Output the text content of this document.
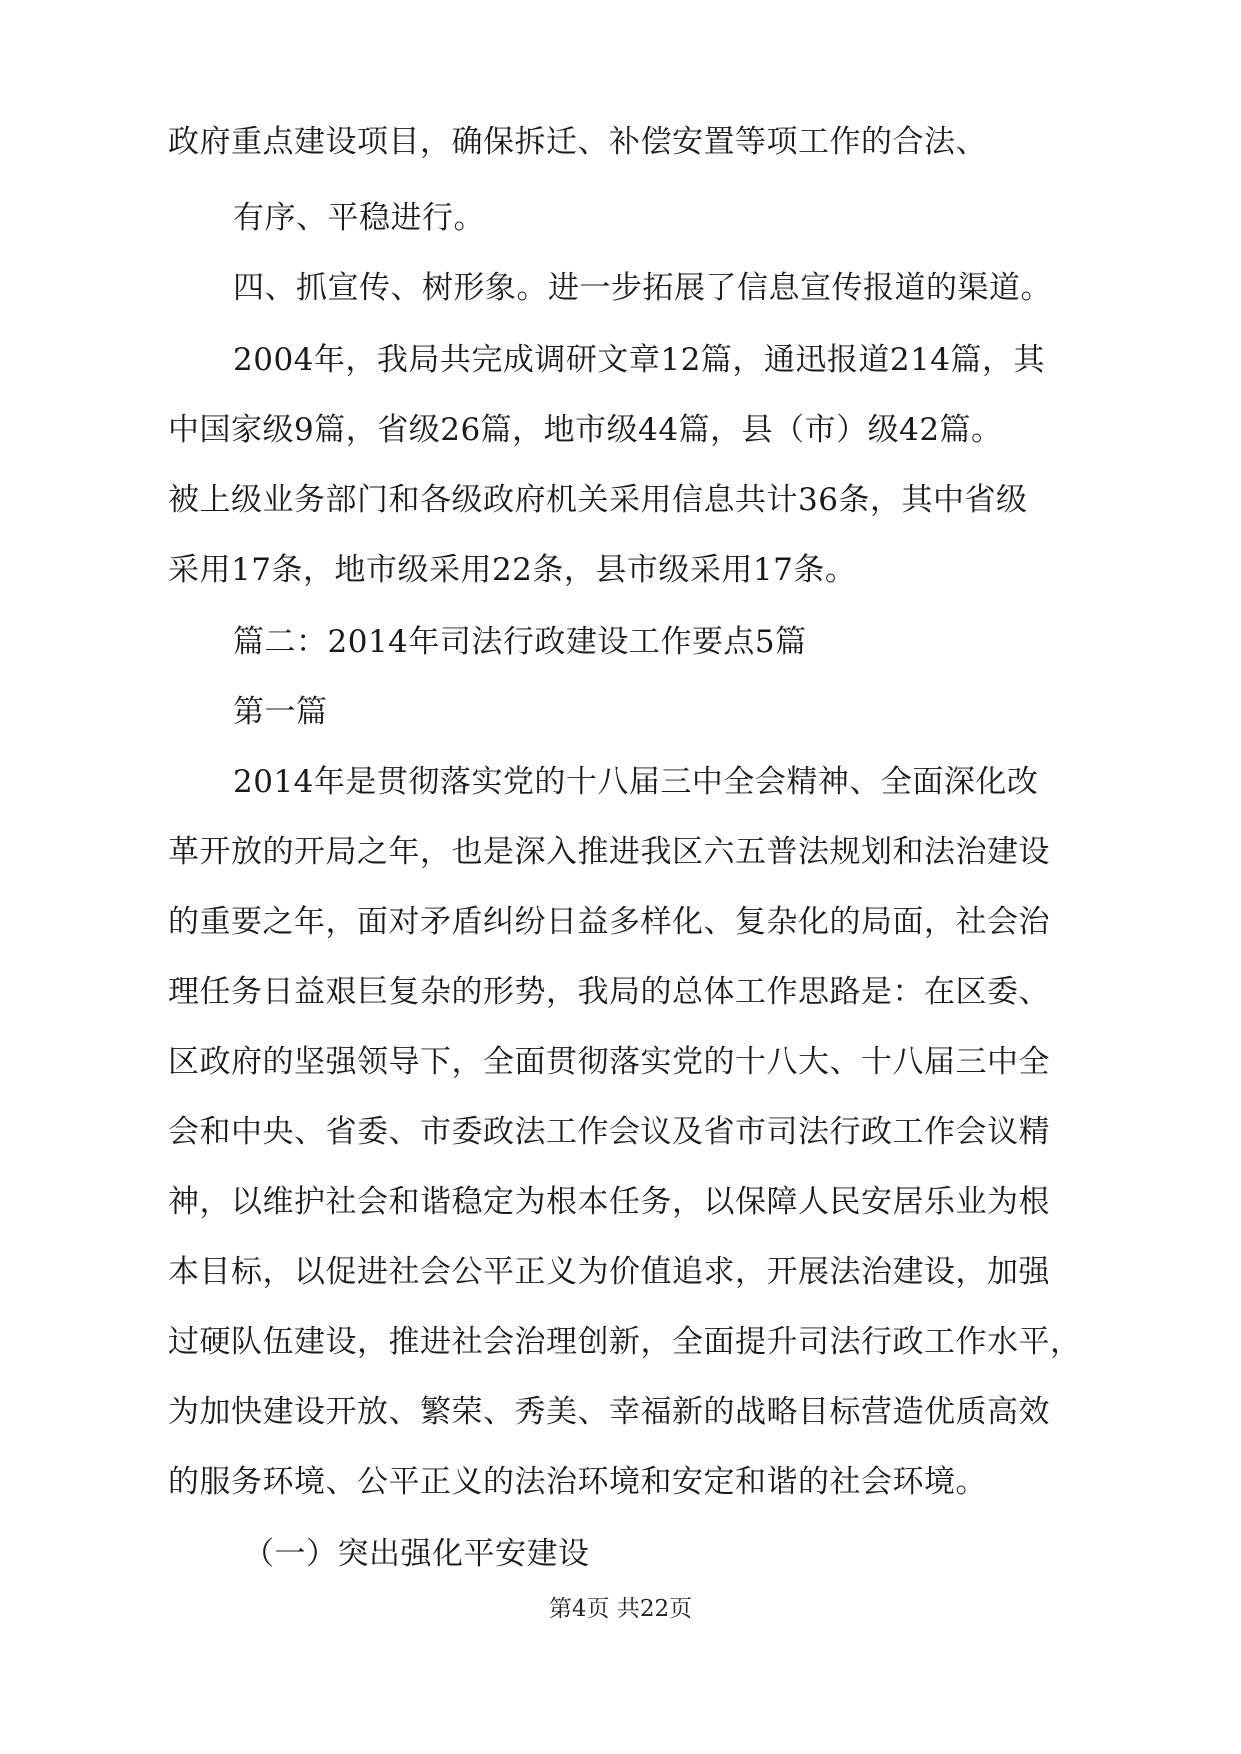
政府重点建设项目，确保拆迁、补偿安置等项工作的合法、
有序、平稳进行。
四、抓宣传、树形象。进一步拓展了信息宣传报道的渠道。
2004年，我局共完成调研文章12篇，通迅报道214篇，其
中国家级9篇，省级26篇，地市级44篇，县（市）级42篇。
被上级业务部门和各级政府机关采用信息共计36条，其中省级
采用17条，地市级采用22条，县市级采用17条。
篇二：2014年司法行政建设工作要点5篇
第一篇
2014年是贯彻落实党的十八届三中全会精神、全面深化改
革开放的开局之年，也是深入推进我区六五普法规划和法治建设
的重要之年，面对矛盾纠纷日益多样化、复杂化的局面，社会治
理任务日益艰巨复杂的形势，我局的总体工作思路是：在区委、
区政府的坚强领导下，全面贯彻落实党的十八大、十八届三中全
会和中央、省委、市委政法工作会议及省市司法行政工作会议精
神，以维护社会和谐稳定为根本任务，以保障人民安居乐业为根
本目标，以促进社会公平正义为价值追求，开展法治建设，加强
过硬队伍建设，推进社会治理创新，全面提升司法行政工作水平，
为加快建设开放、繁荣、秀美、幸福新的战略目标营造优质高效
的服务环境、公平正义的法治环境和安定和谐的社会环境。
（一）突出强化平安建设
第4页 共22页
